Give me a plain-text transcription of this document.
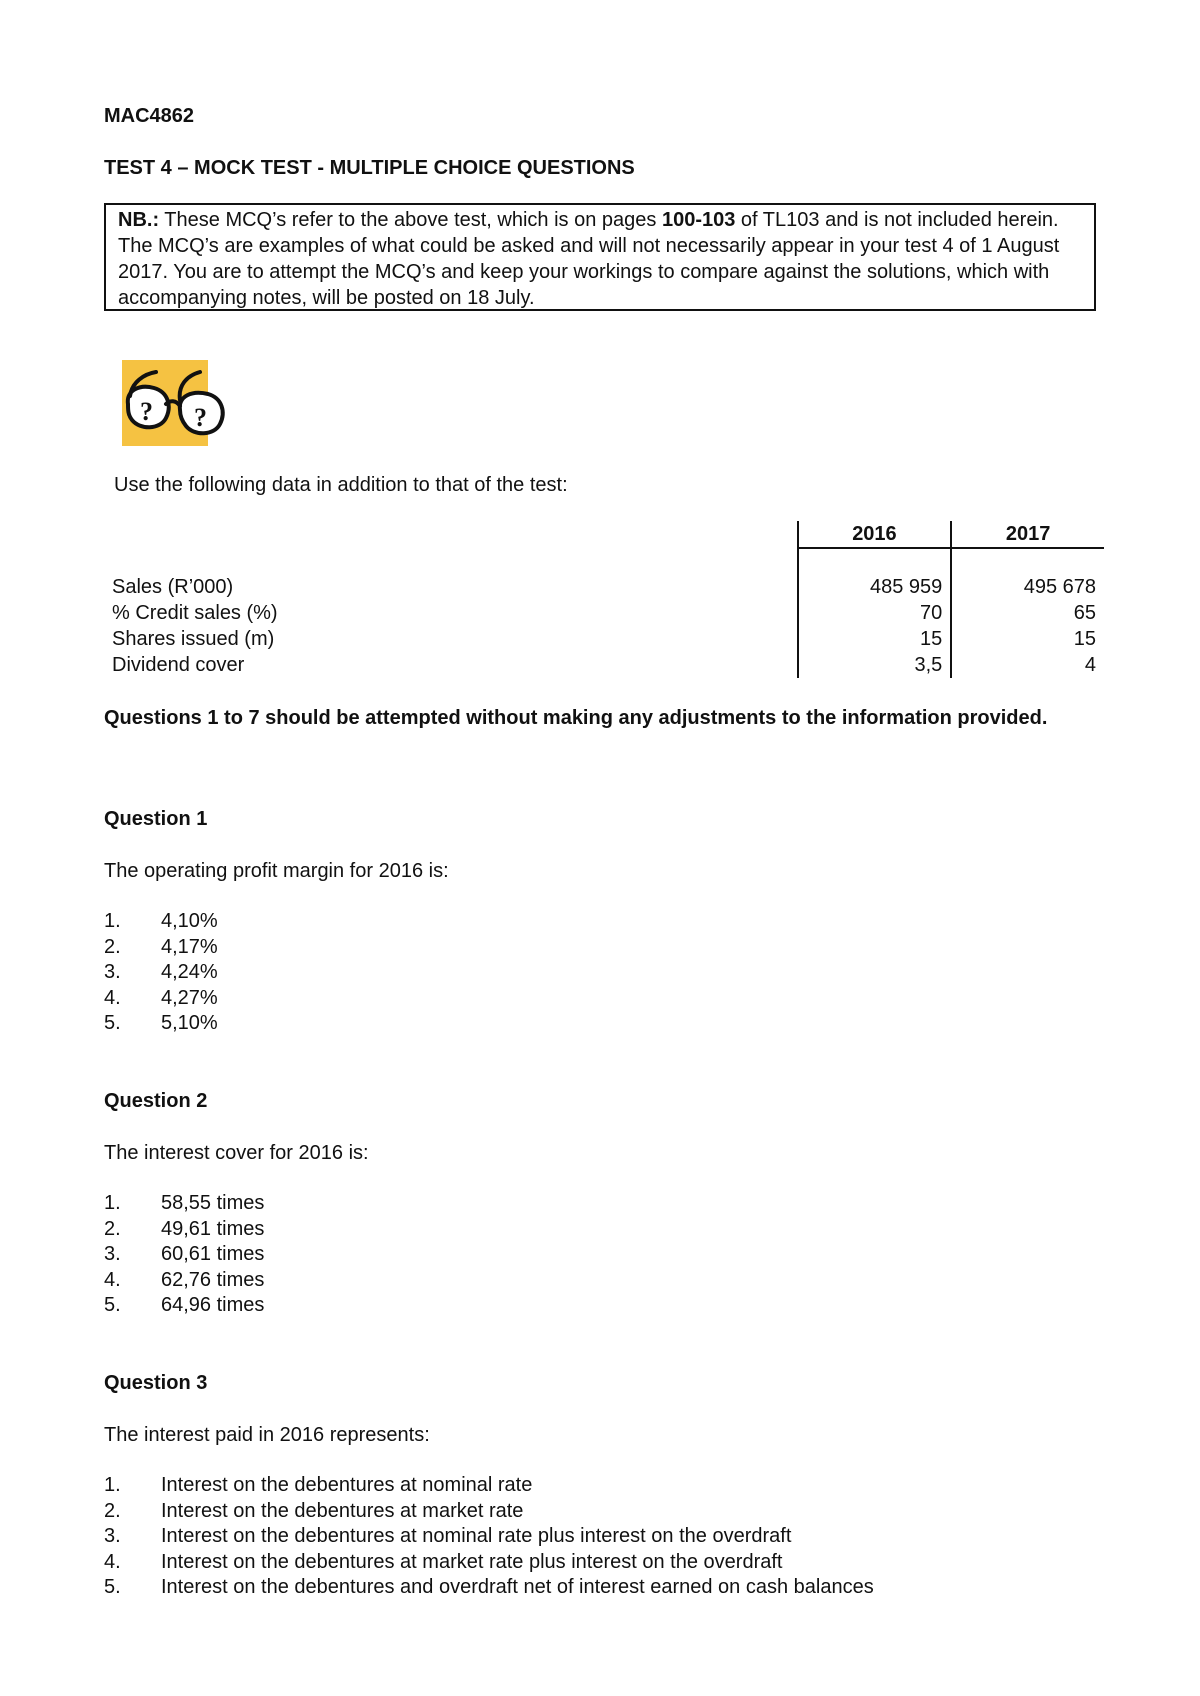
MAC4862
TEST 4 – MOCK TEST - MULTIPLE CHOICE QUESTIONS
NB.: These MCQ’s refer to the above test, which is on pages 100-103 of TL103 and is not included herein. The MCQ’s are examples of what could be asked and will not necessarily appear in your test 4 of 1 August 2017. You are to attempt the MCQ’s and keep your workings to compare against the solutions, which with accompanying notes, will be posted on 18 July.
? ?
Use the following data in addition to that of the test:
	2016	2017

Sales (R’000)	485 959	495 678
% Credit sales (%)	70	65
Shares issued (m)	15	15
Dividend cover	3,5	4
Questions 1 to 7 should be attempted without making any adjustments to the information provided.
Question 1
The operating profit margin for 2016 is:
1. 4,10%
2. 4,17%
3. 4,24%
4. 4,27%
5. 5,10%
Question 2
The interest cover for 2016 is:
1. 58,55 times
2. 49,61 times
3. 60,61 times
4. 62,76 times
5. 64,96 times
Question 3
The interest paid in 2016 represents:
1. Interest on the debentures at nominal rate
2. Interest on the debentures at market rate
3. Interest on the debentures at nominal rate plus interest on the overdraft
4. Interest on the debentures at market rate plus interest on the overdraft
5. Interest on the debentures and overdraft net of interest earned on cash balances
